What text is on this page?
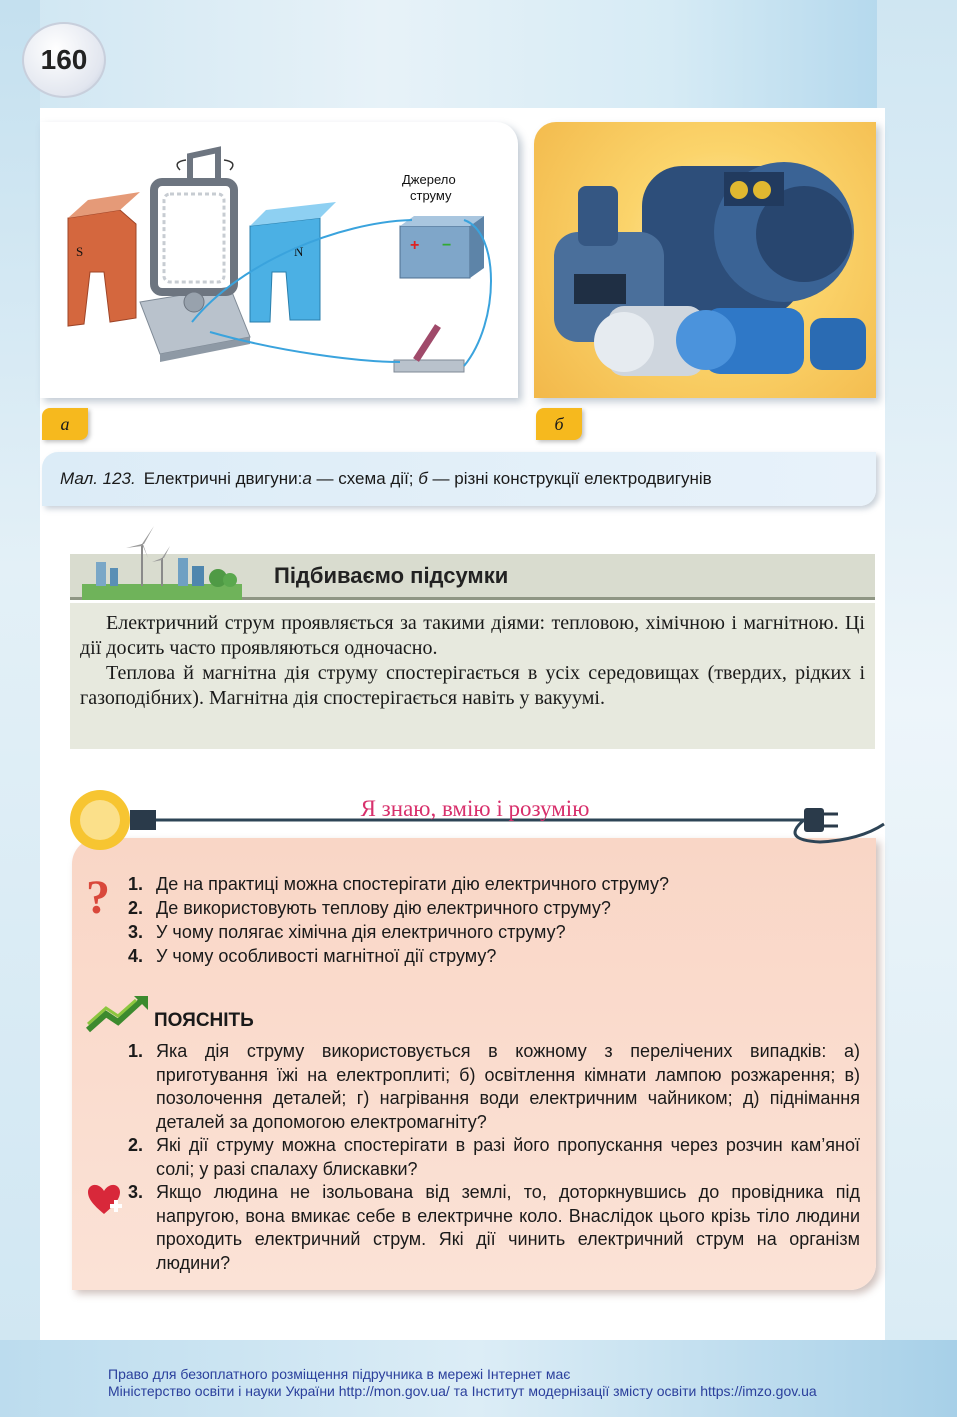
160
S	N	+ −
Джерело
струму
а	б
Мал. 123. Електричні двигуни: а — схема дії; б — різні конструкції електродвигунів
Підбиваємо підсумки

Електричний струм проявляється за такими діями: тепловою, хімічною і магнітною. Ці дії досить часто проявляються одночасно.

Теплова й магнітна дія струму спостерігається в усіх середовищах (твердих, рідких і газоподібних). Магнітна дія спостерігається навіть у вакуумі.

Я знаю, вмію і розумію
? 1. Де на практиці можна спостерігати дію електричного струму?
2. Де використовують теплову дію електричного струму?
3. У чому полягає хімічна дія електричного струму?
4. У чому особливості магнітної дії струму?
ПОЯСНІТЬ
1. Яка дія струму використовується в кожному з перелічених випадків: а) приготування їжі на електроплиті; б) освітлення кімнати лампою розжарення; в) позолочення деталей; г) нагрівання води електричним чайником; д) піднімання деталей за допомогою електромагніту?
2. Які дії струму можна спостерігати в разі його пропускання через розчин кам’яної солі; у разі спалаху блискавки?
3. Якщо людина не ізольована від землі, то, доторкнувшись до провідника під напругою, вона вмикає себе в електричне коло. Внаслідок цього крізь тіло людини проходить електричний струм. Які дії чинить електричний струм на організм людини?
Право для безоплатного розміщення підручника в мережі Інтернет має
Міністерство освіти і науки України http://mon.gov.ua/ та Інститут модернізації змісту освіти https://imzo.gov.ua
